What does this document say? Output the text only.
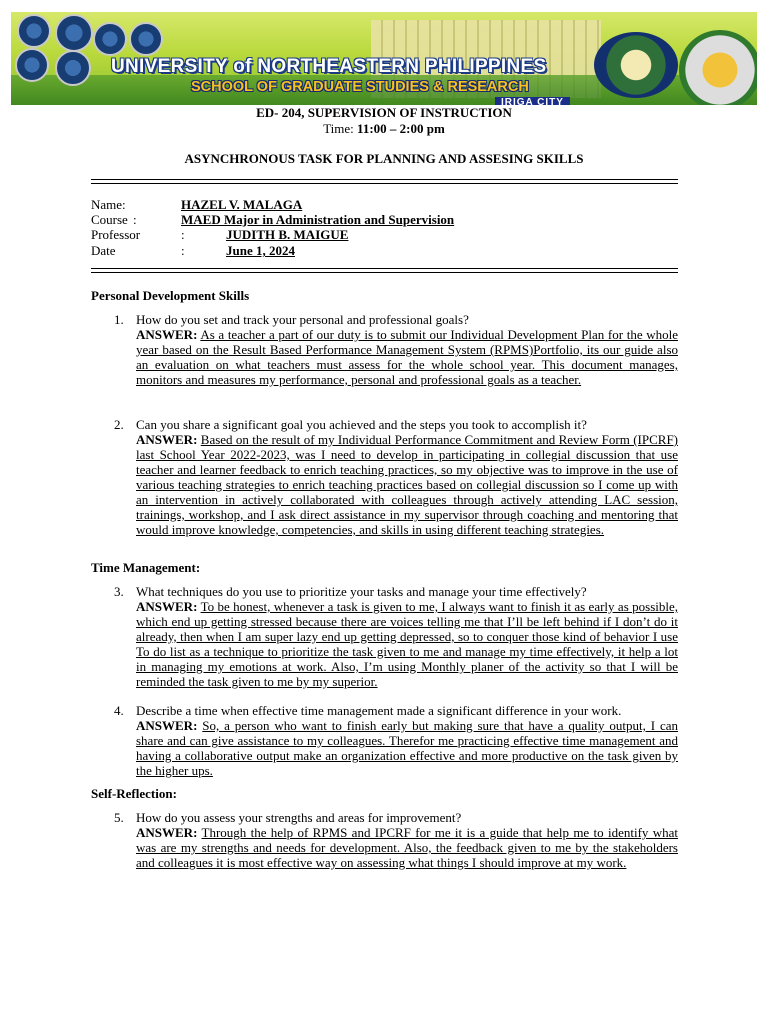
UNIVERSITY of NORTHEASTERN PHILIPPINES
SCHOOL OF GRADUATE STUDIES & RESEARCH
IRIGA CITY
ED- 204, SUPERVISION OF INSTRUCTION
Time: 11:00 – 2:00 pm
ASYNCHRONOUS TASK FOR PLANNING AND ASSESING SKILLS
Name :	HAZEL V. MALAGA
Course :	MAED Major in Administration and Supervision
Professor	:	JUDITH B. MAIGUE
Date	:	June 1, 2024
Personal Development Skills
1. How do you set and track your personal and professional goals?
ANSWER: As a teacher a part of our duty is to submit our Individual Development Plan for the whole year based on the Result Based Performance Management System (RPMS)Portfolio, its our guide also an evaluation on what teachers must assess for the whole school year. This document manages, monitors and measures my performance, personal and professional goals as a teacher.
2. Can you share a significant goal you achieved and the steps you took to accomplish it?
ANSWER: Based on the result of my Individual Performance Commitment and Review Form (IPCRF) last School Year 2022-2023, was I need to develop in participating in collegial discussion that use teacher and learner feedback to enrich teaching practices, so my objective was to improve in the use of various teaching strategies to enrich teaching practices based on collegial discussion so I come up with an intervention in actively collaborated with colleagues through actively attending LAC session, trainings, workshop, and I ask direct assistance in my supervisor through coaching and mentoring that would improve knowledge, competencies, and skills in using different teaching strategies.
Time Management:
3. What techniques do you use to prioritize your tasks and manage your time effectively?
ANSWER: To be honest, whenever a task is given to me, I always want to finish it as early as possible, which end up getting stressed because there are voices telling me that I’ll be left behind if I don’t do it already, then when I am super lazy end up getting depressed, so to conquer those kind of behavior I use To do list as a technique to prioritize the task given to me and manage my time effectively, it help a lot in managing my emotions at work. Also, I’m using Monthly planer of the activity so that I will be reminded the task given to me by my superior.
4. Describe a time when effective time management made a significant difference in your work.
ANSWER: So, a person who want to finish early but making sure that have a quality output, I can share and can give assistance to my colleagues. Therefor me practicing effective time management and having a collaborative output make an organization effective and more productive on the task given by the higher ups.
Self-Reflection:
5. How do you assess your strengths and areas for improvement?
ANSWER: Through the help of RPMS and IPCRF for me it is a guide that help me to identify what was are my strengths and needs for development. Also, the feedback given to me by the stakeholders and colleagues it is most effective way on assessing what things I should improve at my work.
